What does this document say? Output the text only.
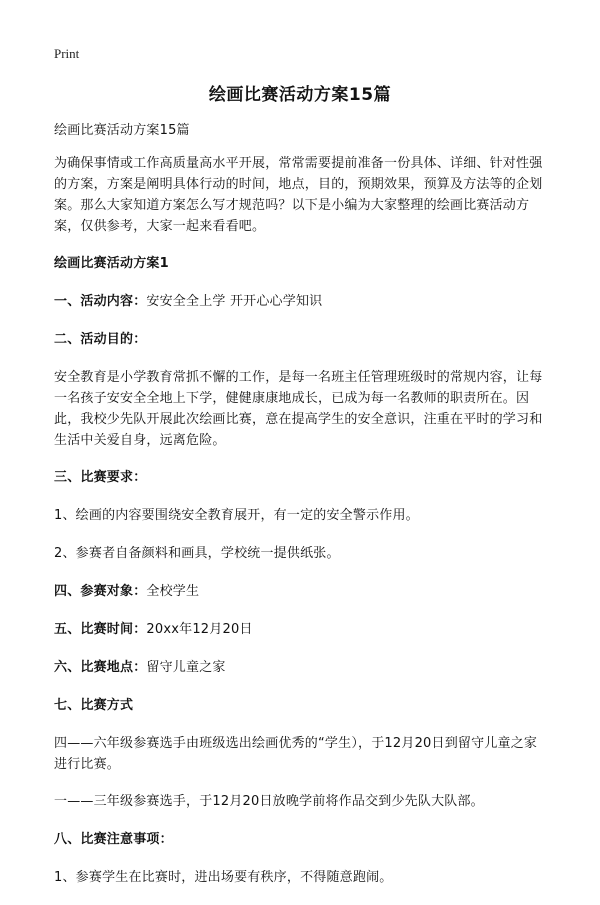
Print
绘画比赛活动方案15篇

绘画比赛活动方案15篇

为确保事情或工作高质量高水平开展，常常需要提前准备一份具体、详细、针对性强的方案，方案是阐明具体行动的时间，地点，目的，预期效果，预算及方法等的企划案。那么大家知道方案怎么写才规范吗？以下是小编为大家整理的绘画比赛活动方案，仅供参考，大家一起来看看吧。

绘画比赛活动方案1

一、活动内容：安安全全上学 开开心心学知识

二、活动目的：

安全教育是小学教育常抓不懈的工作，是每一名班主任管理班级时的常规内容，让每一名孩子安安全全地上下学，健健康康地成长，已成为每一名教师的职责所在。因此，我校少先队开展此次绘画比赛，意在提高学生的安全意识，注重在平时的学习和生活中关爱自身，远离危险。

三、比赛要求：

1、绘画的内容要围绕安全教育展开，有一定的安全警示作用。

2、参赛者自备颜料和画具，学校统一提供纸张。

四、参赛对象：全校学生

五、比赛时间：20xx年12月20日

六、比赛地点：留守儿童之家

七、比赛方式

四——六年级参赛选手由班级选出绘画优秀的“学生），于12月20日到留守儿童之家进行比赛。

一——三年级参赛选手，于12月20日放晚学前将作品交到少先队大队部。

八、比赛注意事项：

1、参赛学生在比赛时，进出场要有秩序，不得随意跑闹。
